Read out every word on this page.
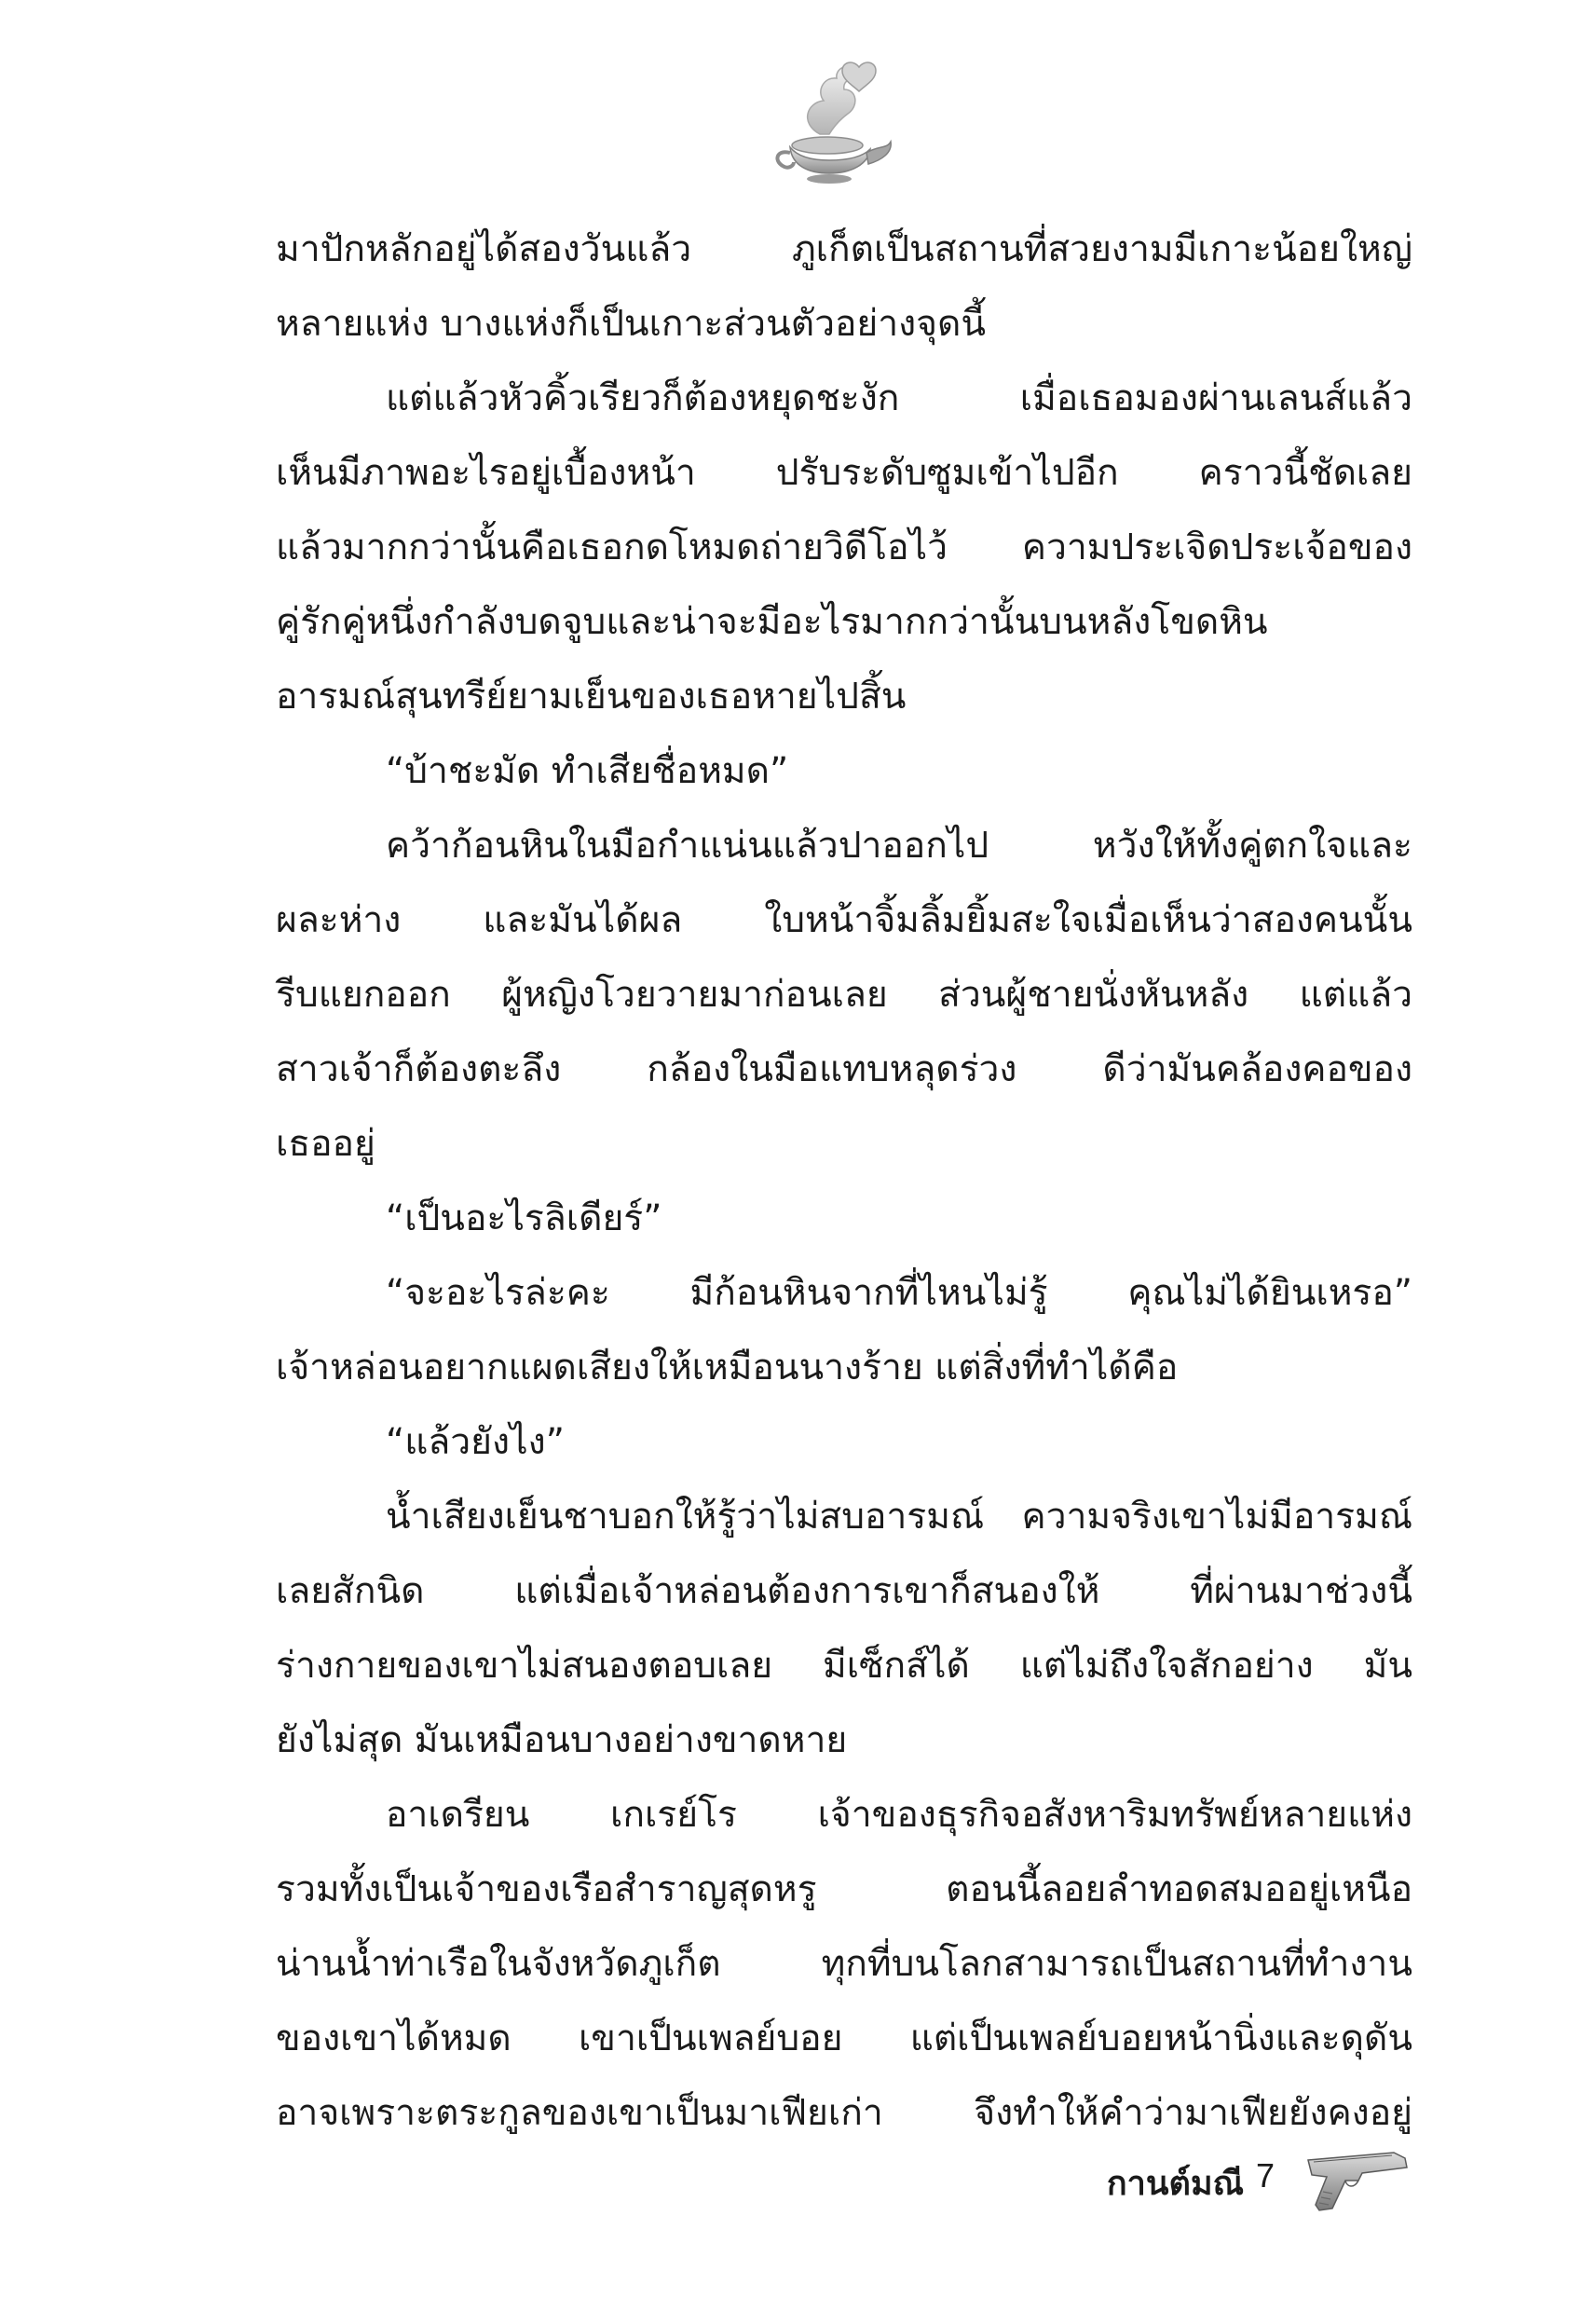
มาปักหลักอยู่ได้สองวันแล้ว ภูเก็ตเป็นสถานที่สวยงามมีเกาะน้อยใหญ่
หลายแห่ง บางแห่งก็เป็นเกาะส่วนตัวอย่างจุดนี้
แต่แล้วหัวคิ้วเรียวก็ต้องหยุดชะงัก เมื่อเธอมองผ่านเลนส์แล้ว
เห็นมีภาพอะไรอยู่เบื้องหน้า ปรับระดับซูมเข้าไปอีก คราวนี้ชัดเลย
แล้วมากกว่านั้นคือเธอกดโหมดถ่ายวิดีโอไว้ ความประเจิดประเจ้อของ
คู่รักคู่หนึ่งกำลังบดจูบและน่าจะมีอะไรมากกว่านั้นบนหลังโขดหิน
อารมณ์สุนทรีย์ยามเย็นของเธอหายไปสิ้น
“บ้าชะมัด ทำเสียชื่อหมด”
คว้าก้อนหินในมือกำแน่นแล้วปาออกไป หวังให้ทั้งคู่ตกใจและ
ผละห่าง และมันได้ผล ใบหน้าจิ้มลิ้มยิ้มสะใจเมื่อเห็นว่าสองคนนั้น
รีบแยกออก ผู้หญิงโวยวายมาก่อนเลย ส่วนผู้ชายนั่งหันหลัง แต่แล้ว
สาวเจ้าก็ต้องตะลึง กล้องในมือแทบหลุดร่วง ดีว่ามันคล้องคอของ
เธออยู่
“เป็นอะไรลิเดียร์”
“จะอะไรล่ะคะ มีก้อนหินจากที่ไหนไม่รู้ คุณไม่ได้ยินเหรอ”
เจ้าหล่อนอยากแผดเสียงให้เหมือนนางร้าย แต่สิ่งที่ทำได้คือ
“แล้วยังไง”
น้ำเสียงเย็นชาบอกให้รู้ว่าไม่สบอารมณ์ ความจริงเขาไม่มีอารมณ์
เลยสักนิด แต่เมื่อเจ้าหล่อนต้องการเขาก็สนองให้ ที่ผ่านมาช่วงนี้
ร่างกายของเขาไม่สนองตอบเลย มีเซ็กส์ได้ แต่ไม่ถึงใจสักอย่าง มัน
ยังไม่สุด มันเหมือนบางอย่างขาดหาย
อาเดรียน เกเรย์โร เจ้าของธุรกิจอสังหาริมทรัพย์หลายแห่ง
รวมทั้งเป็นเจ้าของเรือสำราญสุดหรู ตอนนี้ลอยลำทอดสมออยู่เหนือ
น่านน้ำท่าเรือในจังหวัดภูเก็ต ทุกที่บนโลกสามารถเป็นสถานที่ทำงาน
ของเขาได้หมด เขาเป็นเพลย์บอย แต่เป็นเพลย์บอยหน้านิ่งและดุดัน
อาจเพราะตระกูลของเขาเป็นมาเฟียเก่า จึงทำให้คำว่ามาเฟียยังคงอยู่
กานต์มณี 7
